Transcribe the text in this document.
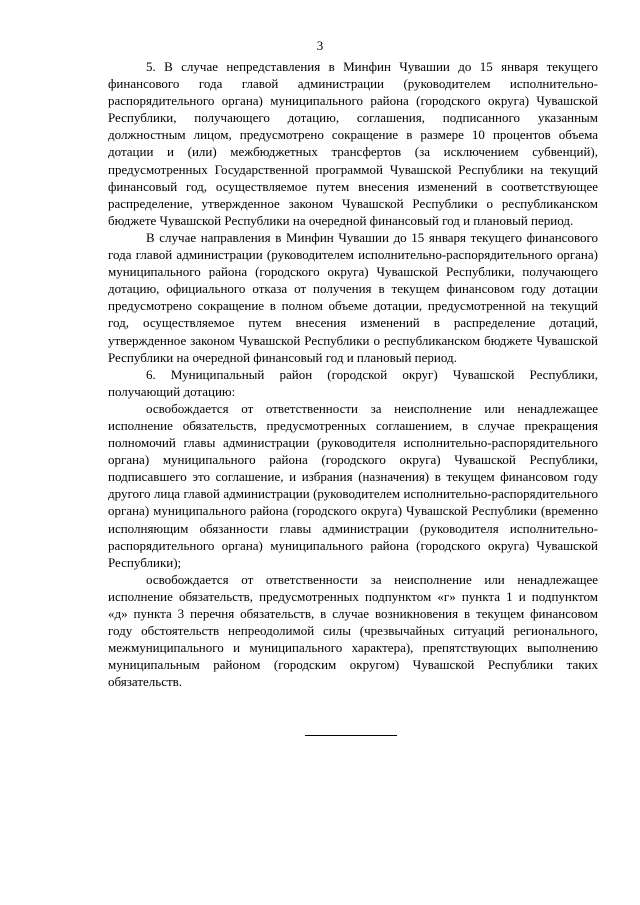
3

5. В случае непредставления в Минфин Чувашии до 15 января текущего финансового года главой администрации (руководителем исполнительно-распорядительного органа) муниципального района (городского округа) Чувашской Республики, получающего дотацию, соглашения, подписанного указанным должностным лицом, предусмотрено сокращение в размере 10 процентов объема дотации и (или) межбюджетных трансфертов (за исключением субвенций), предусмотренных Государственной программой Чувашской Республики на текущий финансовый год, осуществляемое путем внесения изменений в соответствующее распределение, утвержденное законом Чувашской Республики о республиканском бюджете Чувашской Республики на очередной финансовый год и плановый период.

В случае направления в Минфин Чувашии до 15 января текущего финансового года главой администрации (руководителем исполнительно-распорядительного органа) муниципального района (городского округа) Чувашской Республики, получающего дотацию, официального отказа от получения в текущем финансовом году дотации предусмотрено сокращение в полном объеме дотации, предусмотренной на текущий год, осуществляемое путем внесения изменений в распределение дотаций, утвержденное законом Чувашской Республики о республиканском бюджете Чувашской Республики на очередной финансовый год и плановый период.

6. Муниципальный район (городской округ) Чувашской Республики, получающий дотацию:

освобождается от ответственности за неисполнение или ненадлежащее исполнение обязательств, предусмотренных соглашением, в случае прекращения полномочий главы администрации (руководителя исполнительно-распорядительного органа) муниципального района (городского округа) Чувашской Республики, подписавшего это соглашение, и избрания (назначения) в текущем финансовом году другого лица главой администрации (руководителем исполнительно-распорядительного органа) муниципального района (городского округа) Чувашской Республики (временно исполняющим обязанности главы администрации (руководителя исполнительно-распорядительного органа) муниципального района (городского округа) Чувашской Республики);

освобождается от ответственности за неисполнение или ненадлежащее исполнение обязательств, предусмотренных подпунктом «г» пункта 1 и подпунктом «д» пункта 3 перечня обязательств, в случае возникновения в текущем финансовом году обстоятельств непреодолимой силы (чрезвычайных ситуаций регионального, межмуниципального и муниципального характера), препятствующих выполнению муниципальным районом (городским округом) Чувашской Республики таких обязательств.
